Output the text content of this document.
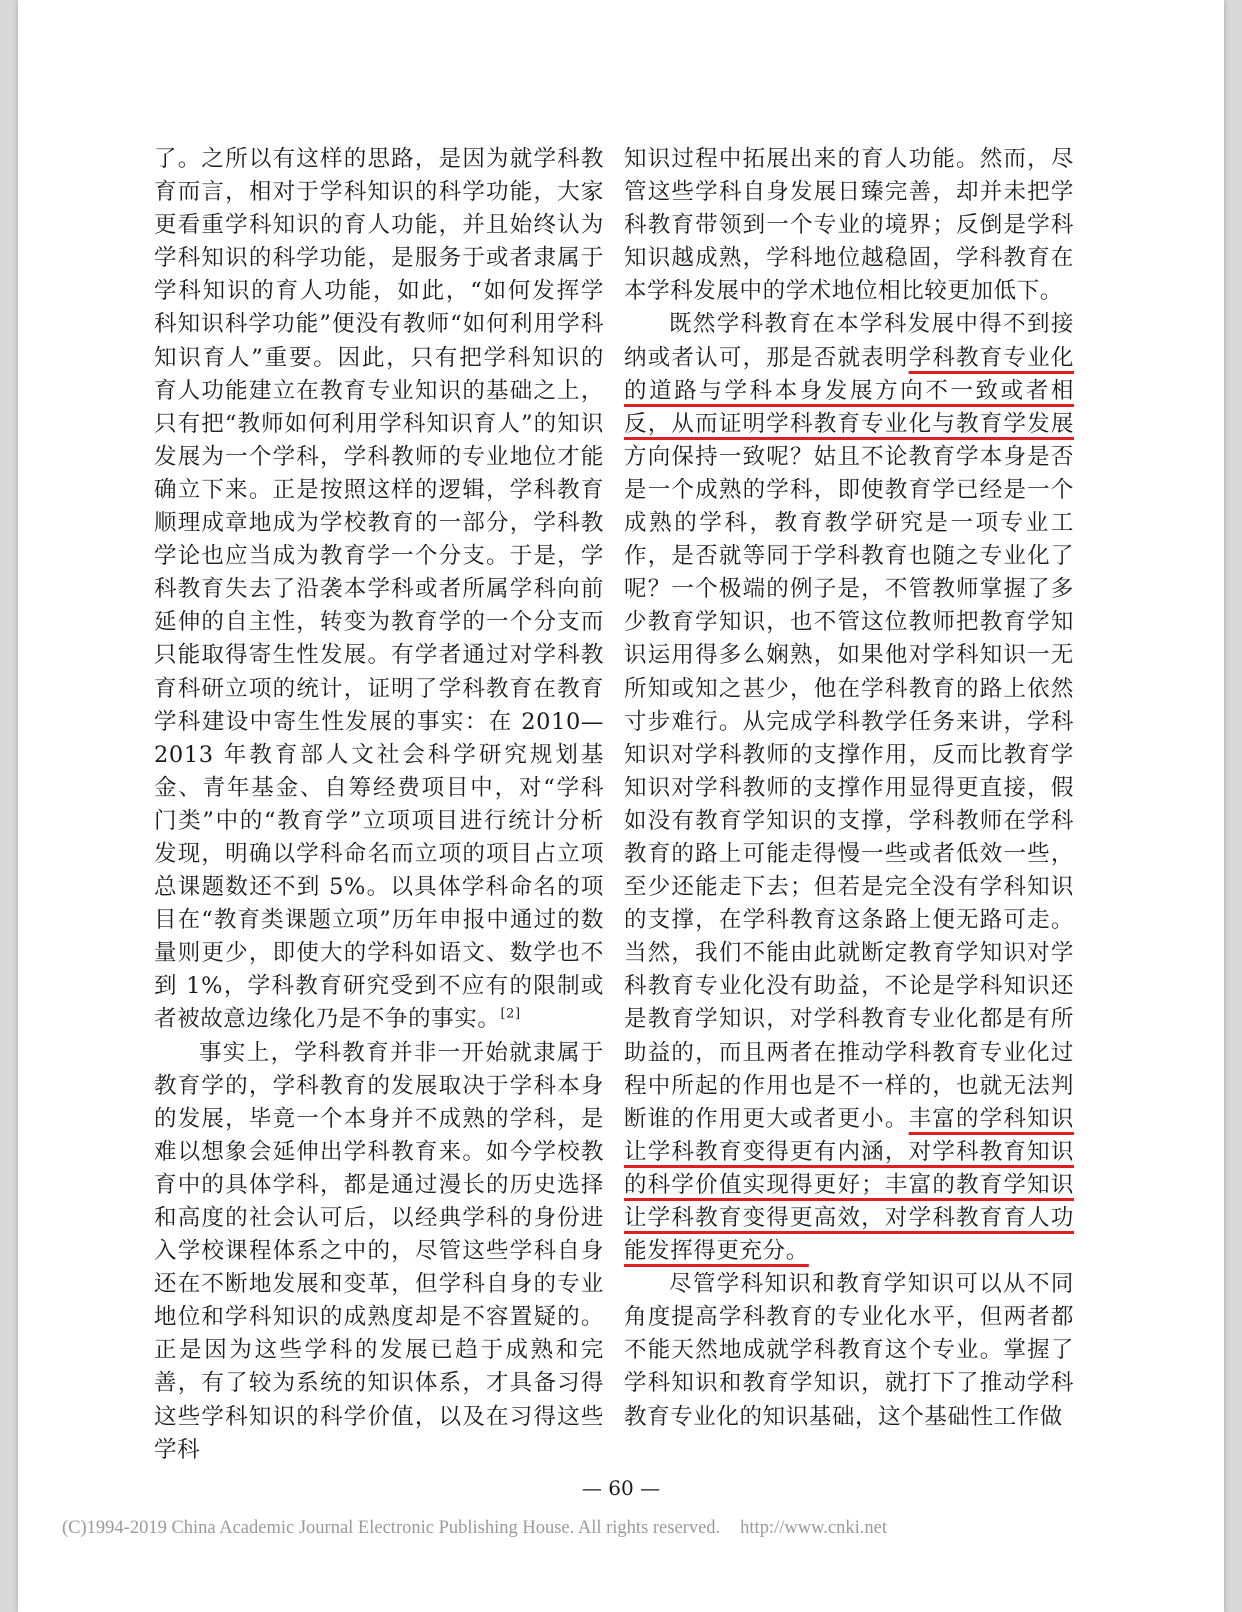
了。之所以有这样的思路，是因为就学科教育而言，相对于学科知识的科学功能，大家更看重学科知识的育人功能，并且始终认为学科知识的科学功能，是服务于或者隶属于学科知识的育人功能，如此，“如何发挥学科知识科学功能”便没有教师“如何利用学科知识育人”重要。因此，只有把学科知识的育人功能建立在教育专业知识的基础之上，只有把“教师如何利用学科知识育人”的知识发展为一个学科，学科教师的专业地位才能确立下来。正是按照这样的逻辑，学科教育顺理成章地成为学校教育的一部分，学科教学论也应当成为教育学一个分支。于是，学科教育失去了沿袭本学科或者所属学科向前延伸的自主性，转变为教育学的一个分支而只能取得寄生性发展。有学者通过对学科教育科研立项的统计，证明了学科教育在教育学科建设中寄生性发展的事实：在 2010—2013 年教育部人文社会科学研究规划基金、青年基金、自筹经费项目中，对“学科门类”中的“教育学”立项项目进行统计分析发现，明确以学科命名而立项的项目占立项总课题数还不到 5%。以具体学科命名的项目在“教育类课题立项”历年申报中通过的数量则更少，即使大的学科如语文、数学也不到 1%，学科教育研究受到不应有的限制或者被故意边缘化乃是不争的事实。[2]

事实上，学科教育并非一开始就隶属于教育学的，学科教育的发展取决于学科本身的发展，毕竟一个本身并不成熟的学科，是难以想象会延伸出学科教育来。如今学校教育中的具体学科，都是通过漫长的历史选择和高度的社会认可后，以经典学科的身份进入学校课程体系之中的，尽管这些学科自身还在不断地发展和变革，但学科自身的专业地位和学科知识的成熟度却是不容置疑的。正是因为这些学科的发展已趋于成熟和完善，有了较为系统的知识体系，才具备习得这些学科知识的科学价值，以及在习得这些学科

知识过程中拓展出来的育人功能。然而，尽管这些学科自身发展日臻完善，却并未把学科教育带领到一个专业的境界；反倒是学科知识越成熟，学科地位越稳固，学科教育在本学科发展中的学术地位相比较更加低下。

既然学科教育在本学科发展中得不到接纳或者认可，那是否就表明学科教育专业化的道路与学科本身发展方向不一致或者相反，从而证明学科教育专业化与教育学发展方向保持一致呢？姑且不论教育学本身是否是一个成熟的学科，即使教育学已经是一个成熟的学科，教育教学研究是一项专业工作，是否就等同于学科教育也随之专业化了呢？一个极端的例子是，不管教师掌握了多少教育学知识，也不管这位教师把教育学知识运用得多么娴熟，如果他对学科知识一无所知或知之甚少，他在学科教育的路上依然寸步难行。从完成学科教学任务来讲，学科知识对学科教师的支撑作用，反而比教育学知识对学科教师的支撑作用显得更直接，假如没有教育学知识的支撑，学科教师在学科教育的路上可能走得慢一些或者低效一些，至少还能走下去；但若是完全没有学科知识的支撑，在学科教育这条路上便无路可走。当然，我们不能由此就断定教育学知识对学科教育专业化没有助益，不论是学科知识还是教育学知识，对学科教育专业化都是有所助益的，而且两者在推动学科教育专业化过程中所起的作用也是不一样的，也就无法判断谁的作用更大或者更小。丰富的学科知识让学科教育变得更有内涵，对学科教育知识的科学价值实现得更好；丰富的教育学知识让学科教育变得更高效，对学科教育育人功能发挥得更充分。

尽管学科知识和教育学知识可以从不同角度提高学科教育的专业化水平，但两者都不能天然地成就学科教育这个专业。掌握了学科知识和教育学知识，就打下了推动学科教育专业化的知识基础，这个基础性工作做

— 60 —
(C)1994-2019 China Academic Journal Electronic Publishing House. All rights reserved. http://www.cnki.net
